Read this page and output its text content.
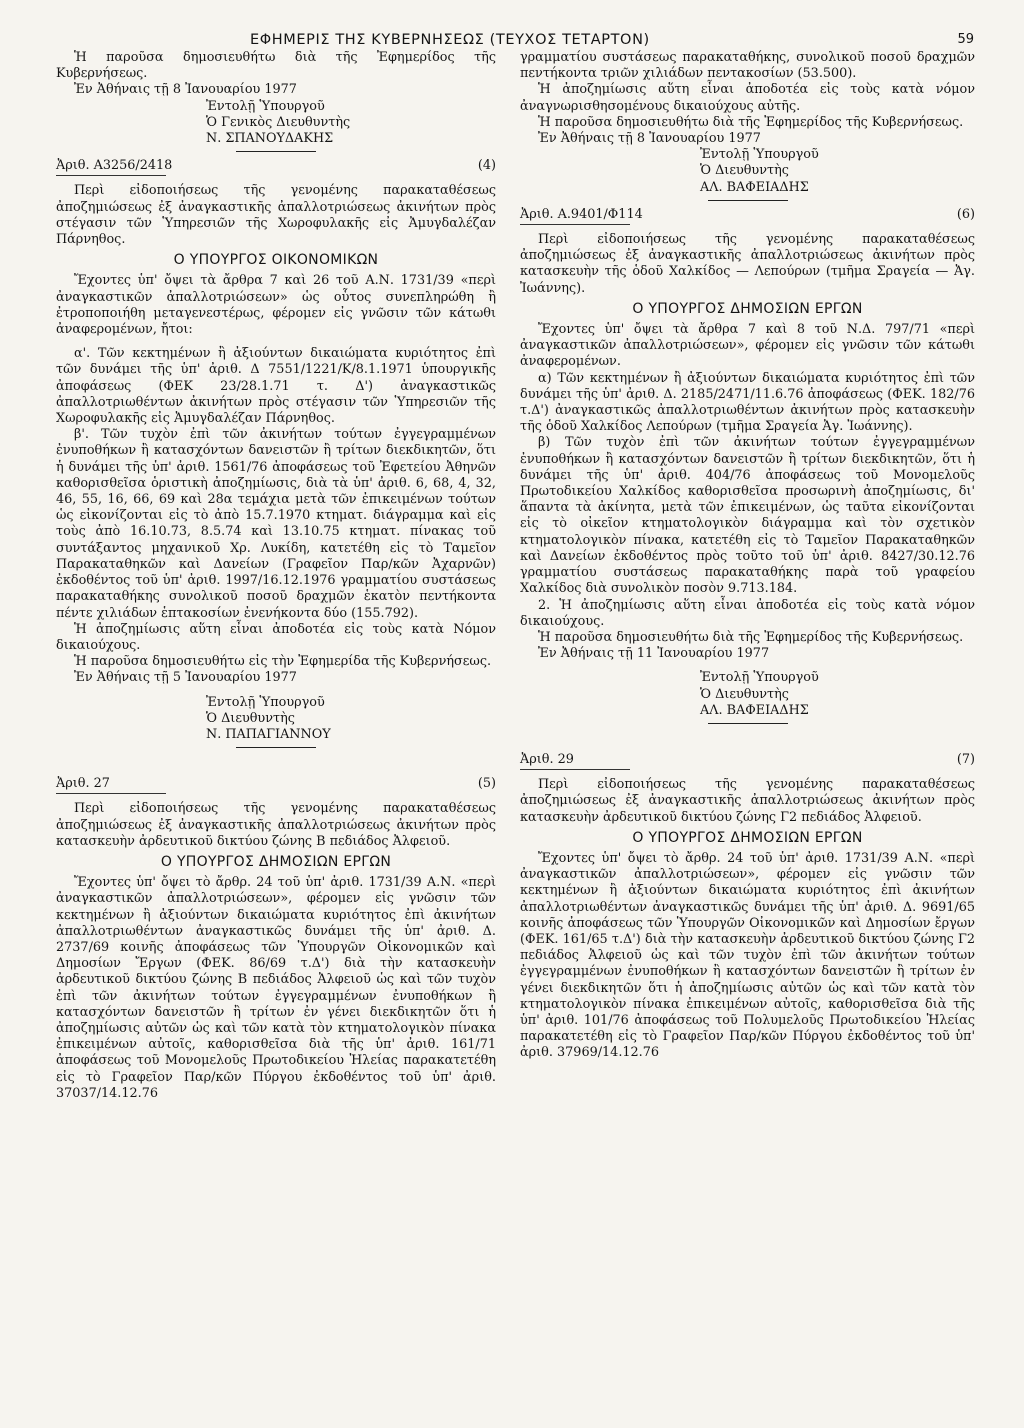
ΕΦΗΜΕΡΙΣ ΤΗΣ ΚΥΒΕΡΝΗΣΕΩΣ (ΤΕΥΧΟΣ ΤΕΤΑΡΤΟΝ)	59

Ἡ παροῦσα δημοσιευθήτω διὰ τῆς Ἐφημερίδος τῆς Κυβερνήσεως.

Ἐν Ἀθήναις τῇ 8 Ἰανουαρίου 1977

Ἐντολῇ Ὑπουργοῦ

Ὁ Γενικὸς Διευθυντὴς

Ν. ΣΠΑΝΟΥΔΑΚΗΣ

Ἀριθ. Α3256/2418	(4)

Περὶ εἰδοποιήσεως τῆς γενομένης παρακαταθέσεως ἀποζημιώσεως ἐξ ἀναγκαστικῆς ἀπαλλοτριώσεως ἀκινήτων πρὸς στέγασιν τῶν Ὑπηρεσιῶν τῆς Χωροφυλακῆς εἰς Ἀμυγδαλέζαν Πάρνηθος.

Ο ΥΠΟΥΡΓΟΣ ΟΙΚΟΝΟΜΙΚΩΝ

Ἔχοντες ὑπ' ὄψει τὰ ἄρθρα 7 καὶ 26 τοῦ Α.Ν. 1731/39 «περὶ ἀναγκαστικῶν ἀπαλλοτριώσεων» ὡς οὗτος συνεπληρώθη ἢ ἐτροποποιήθη μεταγενεστέρως, φέρομεν εἰς γνῶσιν τῶν κάτωθι ἀναφερομένων, ἤτοι:

α'. Τῶν κεκτημένων ἢ ἀξιούντων δικαιώματα κυριότητος ἐπὶ τῶν δυνάμει τῆς ὑπ' ἀριθ. Δ 7551/1221/Κ/8.1.1971 ὑπουργικῆς ἀποφάσεως (ΦΕΚ 23/28.1.71 τ. Δ') ἀναγκαστικῶς ἀπαλλοτριωθέντων ἀκινήτων πρὸς στέγασιν τῶν Ὑπηρεσιῶν τῆς Χωροφυλακῆς εἰς Ἀμυγδαλέζαν Πάρνηθος.

β'. Τῶν τυχὸν ἐπὶ τῶν ἀκινήτων τούτων ἐγγεγραμμένων ἐνυποθήκων ἢ κατασχόντων δανειστῶν ἢ τρίτων διεκδικητῶν, ὅτι ἡ δυνάμει τῆς ὑπ' ἀριθ. 1561/76 ἀποφάσεως τοῦ Ἐφετείου Ἀθηνῶν καθορισθεῖσα ὁριστικὴ ἀποζημίωσις, διὰ τὰ ὑπ' ἀριθ. 6, 68, 4, 32, 46, 55, 16, 66, 69 καὶ 28α τεμάχια μετὰ τῶν ἐπικειμένων τούτων ὡς εἰκονίζονται εἰς τὸ ἀπὸ 15.7.1970 κτηματ. διάγραμμα καὶ εἰς τοὺς ἀπὸ 16.10.73, 8.5.74 καὶ 13.10.75 κτηματ. πίνακας τοῦ συντάξαντος μηχανικοῦ Χρ. Λυκίδη, κατετέθη εἰς τὸ Ταμεῖον Παρακαταθηκῶν καὶ Δανείων (Γραφεῖον Παρ/κῶν Ἀχαρνῶν) ἐκδοθέντος τοῦ ὑπ' ἀριθ. 1997/16.12.1976 γραμματίου συστάσεως παρακαταθήκης συνολικοῦ ποσοῦ δραχμῶν ἑκατὸν πεντήκοντα πέντε χιλιάδων ἑπτακοσίων ἐνενήκοντα δύο (155.792).

Ἡ ἀποζημίωσις αὕτη εἶναι ἀποδοτέα εἰς τοὺς κατὰ Νόμον δικαιούχους.

Ἡ παροῦσα δημοσιευθήτω εἰς τὴν Ἐφημερίδα τῆς Κυβερνήσεως.

Ἐν Ἀθήναις τῇ 5 Ἰανουαρίου 1977

Ἐντολῇ Ὑπουργοῦ

Ὁ Διευθυντὴς

Ν. ΠΑΠΑΓΙΑΝΝΟΥ

Ἀριθ. 27	(5)

Περὶ εἰδοποιήσεως τῆς γενομένης παρακαταθέσεως ἀποζημιώσεως ἐξ ἀναγκαστικῆς ἀπαλλοτριώσεως ἀκινήτων πρὸς κατασκευὴν ἀρδευτικοῦ δικτύου ζώνης Β πεδιάδος Ἀλφειοῦ.

Ο ΥΠΟΥΡΓΟΣ ΔΗΜΟΣΙΩΝ ΕΡΓΩΝ

Ἔχοντες ὑπ' ὄψει τὸ ἄρθρ. 24 τοῦ ὑπ' ἀριθ. 1731/39 Α.Ν. «περὶ ἀναγκαστικῶν ἀπαλλοτριώσεων», φέρομεν εἰς γνῶσιν τῶν κεκτημένων ἢ ἀξιούντων δικαιώματα κυριότητος ἐπὶ ἀκινήτων ἀπαλλοτριωθέντων ἀναγκαστικῶς δυνάμει τῆς ὑπ' ἀριθ. Δ. 2737/69 κοινῆς ἀποφάσεως τῶν Ὑπουργῶν Οἰκονομικῶν καὶ Δημοσίων Ἔργων (ΦΕΚ. 86/69 τ.Δ') διὰ τὴν κατασκευὴν ἀρδευτικοῦ δικτύου ζώνης Β πεδιάδος Ἀλφειοῦ ὡς καὶ τῶν τυχὸν ἐπὶ τῶν ἀκινήτων τούτων ἐγγεγραμμένων ἐνυποθήκων ἢ κατασχόντων δανειστῶν ἢ τρίτων ἐν γένει διεκδικητῶν ὅτι ἡ ἀποζημίωσις αὐτῶν ὡς καὶ τῶν κατὰ τὸν κτηματολογικὸν πίνακα ἐπικειμένων αὐτοῖς, καθορισθεῖσα διὰ τῆς ὑπ' ἀριθ. 161/71 ἀποφάσεως τοῦ Μονομελοῦς Πρωτοδικείου Ἠλείας παρακατετέθη εἰς τὸ Γραφεῖον Παρ/κῶν Πύργου ἐκδοθέντος τοῦ ὑπ' ἀριθ. 37037/14.12.76

γραμματίου συστάσεως παρακαταθήκης, συνολικοῦ ποσοῦ δραχμῶν πεντήκοντα τριῶν χιλιάδων πεντακοσίων (53.500).

Ἡ ἀποζημίωσις αὕτη εἶναι ἀποδοτέα εἰς τοὺς κατὰ νόμον ἀναγνωρισθησομένους δικαιούχους αὐτῆς.

Ἡ παροῦσα δημοσιευθήτω διὰ τῆς Ἐφημερίδος τῆς Κυβερνήσεως.

Ἐν Ἀθήναις τῇ 8 Ἰανουαρίου 1977

Ἐντολῇ Ὑπουργοῦ

Ὁ Διευθυντὴς

ΑΛ. ΒΑΦΕΙΑΔΗΣ

Ἀριθ. Α.9401/Φ114	(6)

Περὶ εἰδοποιήσεως τῆς γενομένης παρακαταθέσεως ἀποζημιώσεως ἐξ ἀναγκαστικῆς ἀπαλλοτριώσεως ἀκινήτων πρὸς κατασκευὴν τῆς ὁδοῦ Χαλκίδος — Λεπούρων (τμῆμα Σραγεία — Ἀγ. Ἰωάννης).

Ο ΥΠΟΥΡΓΟΣ ΔΗΜΟΣΙΩΝ ΕΡΓΩΝ

Ἔχοντες ὑπ' ὄψει τὰ ἄρθρα 7 καὶ 8 τοῦ Ν.Δ. 797/71 «περὶ ἀναγκαστικῶν ἀπαλλοτριώσεων», φέρομεν εἰς γνῶσιν τῶν κάτωθι ἀναφερομένων.

α) Τῶν κεκτημένων ἢ ἀξιούντων δικαιώματα κυριότητος ἐπὶ τῶν δυνάμει τῆς ὑπ' ἀριθ. Δ. 2185/2471/11.6.76 ἀποφάσεως (ΦΕΚ. 182/76 τ.Δ') ἀναγκαστικῶς ἀπαλλοτριωθέντων ἀκινήτων πρὸς κατασκευὴν τῆς ὁδοῦ Χαλκίδος Λεπούρων (τμῆμα Σραγεία Ἀγ. Ἰωάννης).

β) Τῶν τυχὸν ἐπὶ τῶν ἀκινήτων τούτων ἐγγεγραμμένων ἐνυποθήκων ἢ κατασχόντων δανειστῶν ἢ τρίτων διεκδικητῶν, ὅτι ἡ δυνάμει τῆς ὑπ' ἀριθ. 404/76 ἀποφάσεως τοῦ Μονομελοῦς Πρωτοδικείου Χαλκίδος καθορισθεῖσα προσωρινὴ ἀποζημίωσις, δι' ἅπαντα τὰ ἀκίνητα, μετὰ τῶν ἐπικειμένων, ὡς ταῦτα εἰκονίζονται εἰς τὸ οἰκεῖον κτηματολογικὸν διάγραμμα καὶ τὸν σχετικὸν κτηματολογικὸν πίνακα, κατετέθη εἰς τὸ Ταμεῖον Παρακαταθηκῶν καὶ Δανείων ἐκδοθέντος πρὸς τοῦτο τοῦ ὑπ' ἀριθ. 8427/30.12.76 γραμματίου συστάσεως παρακαταθήκης παρὰ τοῦ γραφείου Χαλκίδος διὰ συνολικὸν ποσὸν 9.713.184.

2. Ἡ ἀποζημίωσις αὕτη εἶναι ἀποδοτέα εἰς τοὺς κατὰ νόμον δικαιούχους.

Ἡ παροῦσα δημοσιευθήτω διὰ τῆς Ἐφημερίδος τῆς Κυβερνήσεως.

Ἐν Ἀθήναις τῇ 11 Ἰανουαρίου 1977

Ἐντολῇ Ὑπουργοῦ

Ὁ Διευθυντὴς

ΑΛ. ΒΑΦΕΙΑΔΗΣ

Ἀριθ. 29	(7)

Περὶ εἰδοποιήσεως τῆς γενομένης παρακαταθέσεως ἀποζημιώσεως ἐξ ἀναγκαστικῆς ἀπαλλοτριώσεως ἀκινήτων πρὸς κατασκευὴν ἀρδευτικοῦ δικτύου ζώνης Γ2 πεδιάδος Ἀλφειοῦ.

Ο ΥΠΟΥΡΓΟΣ ΔΗΜΟΣΙΩΝ ΕΡΓΩΝ

Ἔχοντες ὑπ' ὄψει τὸ ἄρθρ. 24 τοῦ ὑπ' ἀριθ. 1731/39 Α.Ν. «περὶ ἀναγκαστικῶν ἀπαλλοτριώσεων», φέρομεν εἰς γνῶσιν τῶν κεκτημένων ἢ ἀξιούντων δικαιώματα κυριότητος ἐπὶ ἀκινήτων ἀπαλλοτριωθέντων ἀναγκαστικῶς δυνάμει τῆς ὑπ' ἀριθ. Δ. 9691/65 κοινῆς ἀποφάσεως τῶν Ὑπουργῶν Οἰκονομικῶν καὶ Δημοσίων ἔργων (ΦΕΚ. 161/65 τ.Δ') διὰ τὴν κατασκευὴν ἀρδευτικοῦ δικτύου ζώνης Γ2 πεδιάδος Ἀλφειοῦ ὡς καὶ τῶν τυχὸν ἐπὶ τῶν ἀκινήτων τούτων ἐγγεγραμμένων ἐνυποθήκων ἢ κατασχόντων δανειστῶν ἢ τρίτων ἐν γένει διεκδικητῶν ὅτι ἡ ἀποζημίωσις αὐτῶν ὡς καὶ τῶν κατὰ τὸν κτηματολογικὸν πίνακα ἐπικειμένων αὐτοῖς, καθορισθεῖσα διὰ τῆς ὑπ' ἀριθ. 101/76 ἀποφάσεως τοῦ Πολυμελοῦς Πρωτοδικείου Ἠλείας παρακατετέθη εἰς τὸ Γραφεῖον Παρ/κῶν Πύργου ἐκδοθέντος τοῦ ὑπ' ἀριθ. 37969/14.12.76
